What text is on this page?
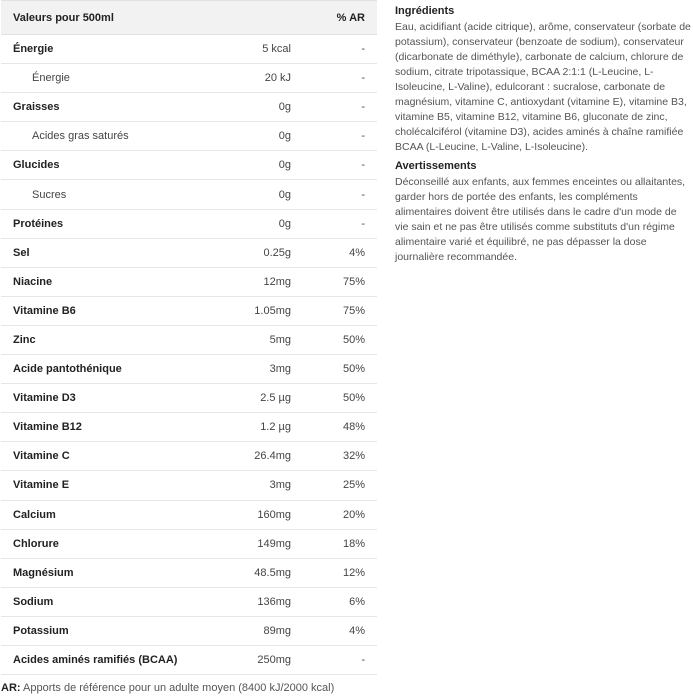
Valeurs pour 500ml		% AR
Énergie	5 kcal	-
Énergie	20 kJ	-
Graisses	0g	-
Acides gras saturés	0g	-
Glucides	0g	-
Sucres	0g	-
Protéines	0g	-
Sel	0.25g	4%
Niacine	12mg	75%
Vitamine B6	1.05mg	75%
Zinc	5mg	50%
Acide pantothénique	3mg	50%
Vitamine D3	2.5 µg	50%
Vitamine B12	1.2 µg	48%
Vitamine C	26.4mg	32%
Vitamine E	3mg	25%
Calcium	160mg	20%
Chlorure	149mg	18%
Magnésium	48.5mg	12%
Sodium	136mg	6%
Potassium	89mg	4%
Acides aminés ramifiés (BCAA)	250mg	-
AR: Apports de référence pour un adulte moyen (8400 kJ/2000 kcal)
Ingrédients

Eau, acidifiant (acide citrique), arôme, conservateur (sorbate de potassium), conservateur (benzoate de sodium), conservateur (dicarbonate de diméthyle), carbonate de calcium, chlorure de sodium, citrate tripotassique, BCAA 2:1:1 (L-Leucine, L-Isoleucine, L-Valine), edulcorant : sucralose, carbonate de magnésium, vitamine C, antioxydant (vitamine E), vitamine B3, vitamine B5, vitamine B12, vitamine B6, gluconate de zinc, cholécalciférol (vitamine D3), acides aminés à chaîne ramifiée BCAA (L-Leucine, L-Valine, L-Isoleucine).

Avertissements

Déconseillé aux enfants, aux femmes enceintes ou allaitantes, garder hors de portée des enfants, les compléments alimentaires doivent être utilisés dans le cadre d'un mode de vie sain et ne pas être utilisés comme substituts d'un régime alimentaire varié et équilibré, ne pas dépasser la dose journalière recommandée.
